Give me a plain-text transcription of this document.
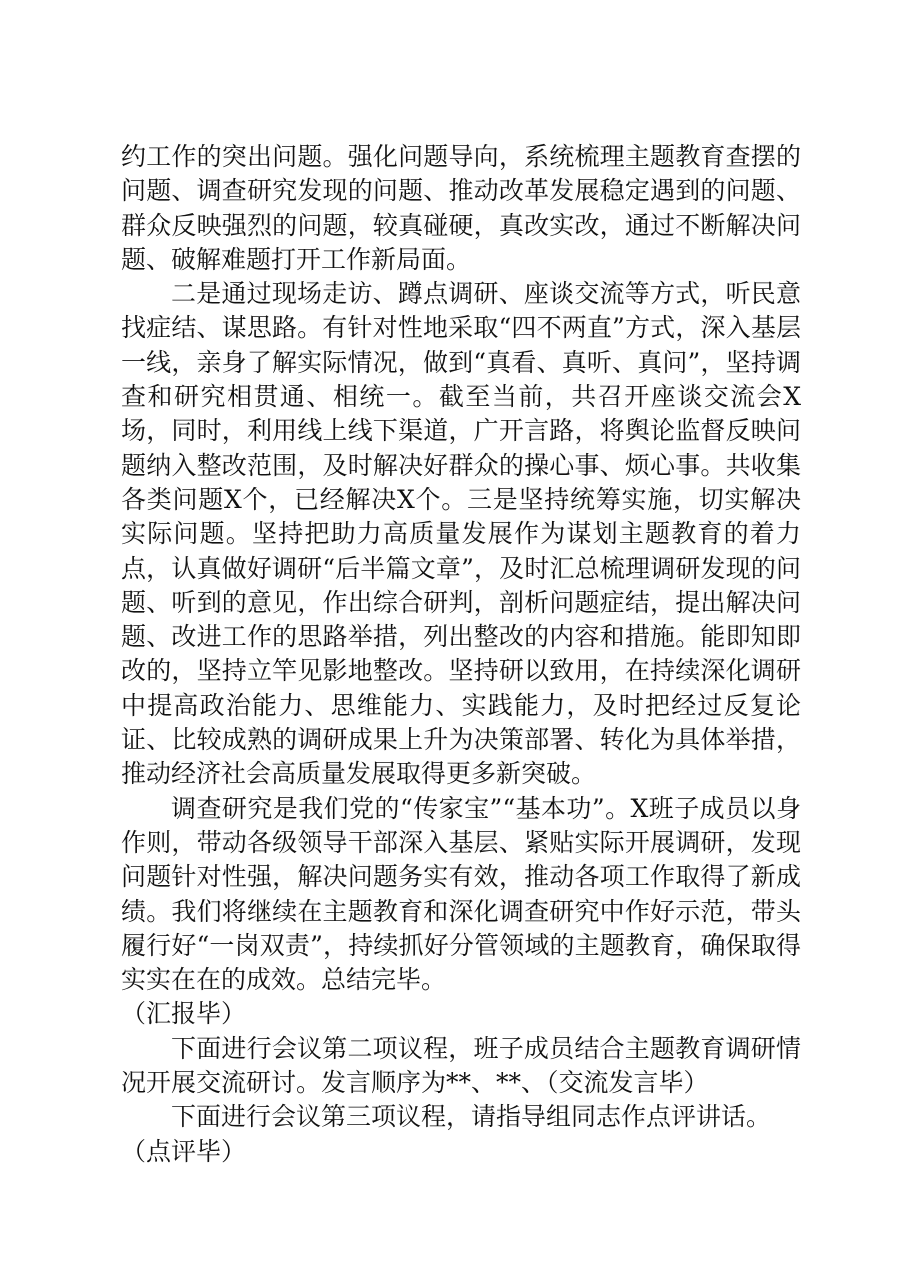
约工作的突出问题。强化问题导向，系统梳理主题教育查摆的问题、调查研究发现的问题、推动改革发展稳定遇到的问题、群众反映强烈的问题，较真碰硬，真改实改，通过不断解决问题、破解难题打开工作新局面。

二是通过现场走访、蹲点调研、座谈交流等方式，听民意找症结、谋思路。有针对性地采取“四不两直”方式，深入基层一线，亲身了解实际情况，做到“真看、真听、真问”，坚持调查和研究相贯通、相统一。截至当前，共召开座谈交流会X场，同时，利用线上线下渠道，广开言路，将舆论监督反映问题纳入整改范围，及时解决好群众的操心事、烦心事。共收集各类问题X个，已经解决X个。三是坚持统筹实施，切实解决实际问题。坚持把助力高质量发展作为谋划主题教育的着力点，认真做好调研“后半篇文章”，及时汇总梳理调研发现的问题、听到的意见，作出综合研判，剖析问题症结，提出解决问题、改进工作的思路举措，列出整改的内容和措施。能即知即改的，坚持立竿见影地整改。坚持研以致用，在持续深化调研中提高政治能力、思维能力、实践能力，及时把经过反复论证、比较成熟的调研成果上升为决策部署、转化为具体举措，推动经济社会高质量发展取得更多新突破。

调查研究是我们党的“传家宝”“基本功”。X班子成员以身作则，带动各级领导干部深入基层、紧贴实际开展调研，发现问题针对性强，解决问题务实有效，推动各项工作取得了新成绩。我们将继续在主题教育和深化调查研究中作好示范，带头履行好“一岗双责”，持续抓好分管领域的主题教育，确保取得实实在在的成效。总结完毕。

（汇报毕）

下面进行会议第二项议程，班子成员结合主题教育调研情况开展交流研讨。发言顺序为**、**、（交流发言毕）

下面进行会议第三项议程，请指导组同志作点评讲话。

（点评毕）
